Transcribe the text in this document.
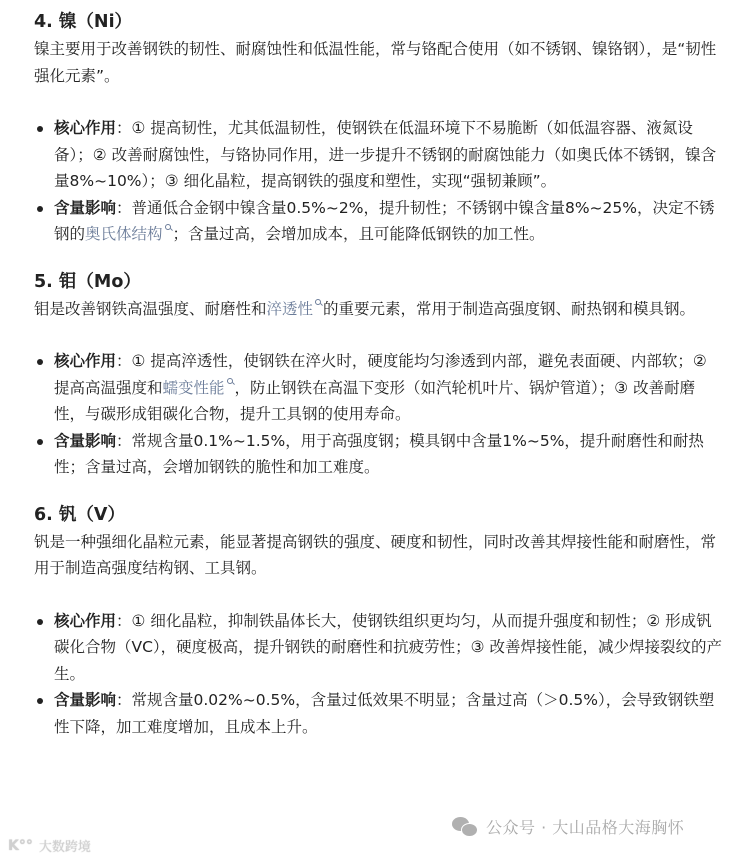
4. 镍（Ni）

镍主要用于改善钢铁的韧性、耐腐蚀性和低温性能，常与铬配合使用（如不锈钢、镍铬钢），是“韧性强化元素”。

核心作用：① 提高韧性，尤其低温韧性，使钢铁在低温环境下不易脆断（如低温容器、液氮设备）；② 改善耐腐蚀性，与铬协同作用，进一步提升不锈钢的耐腐蚀能力（如奥氏体不锈钢，镍含量8%~10%）；③ 细化晶粒，提高钢铁的强度和塑性，实现“强韧兼顾”。
含量影响：普通低合金钢中镍含量0.5%~2%，提升韧性；不锈钢中镍含量8%~25%，决定不锈钢的奥氏体结构 ；含量过高，会增加成本，且可能降低钢铁的加工性。
5. 钼（Mo）

钼是改善钢铁高温强度、耐磨性和淬透性 的重要元素，常用于制造高强度钢、耐热钢和模具钢。

核心作用：① 提高淬透性，使钢铁在淬火时，硬度能均匀渗透到内部，避免表面硬、内部软；② 提高高温强度和蠕变性能 ，防止钢铁在高温下变形（如汽轮机叶片、锅炉管道）；③ 改善耐磨性，与碳形成钼碳化合物，提升工具钢的使用寿命。
含量影响：常规含量0.1%~1.5%，用于高强度钢；模具钢中含量1%~5%，提升耐磨性和耐热性；含量过高，会增加钢铁的脆性和加工难度。
6. 钒（V）

钒是一种强细化晶粒元素，能显著提高钢铁的强度、硬度和韧性，同时改善其焊接性能和耐磨性，常用于制造高强度结构钢、工具钢。

核心作用：① 细化晶粒，抑制铁晶体长大，使钢铁组织更均匀，从而提升强度和韧性；② 形成钒碳化合物（VC），硬度极高，提升钢铁的耐磨性和抗疲劳性；③ 改善焊接性能，减少焊接裂纹的产生。
含量影响：常规含量0.02%~0.5%，含量过低效果不明显；含量过高（＞0.5%），会导致钢铁塑性下降，加工难度增加，且成本上升。
公众号 · 大山品格大海胸怀
K°° 大数跨境
